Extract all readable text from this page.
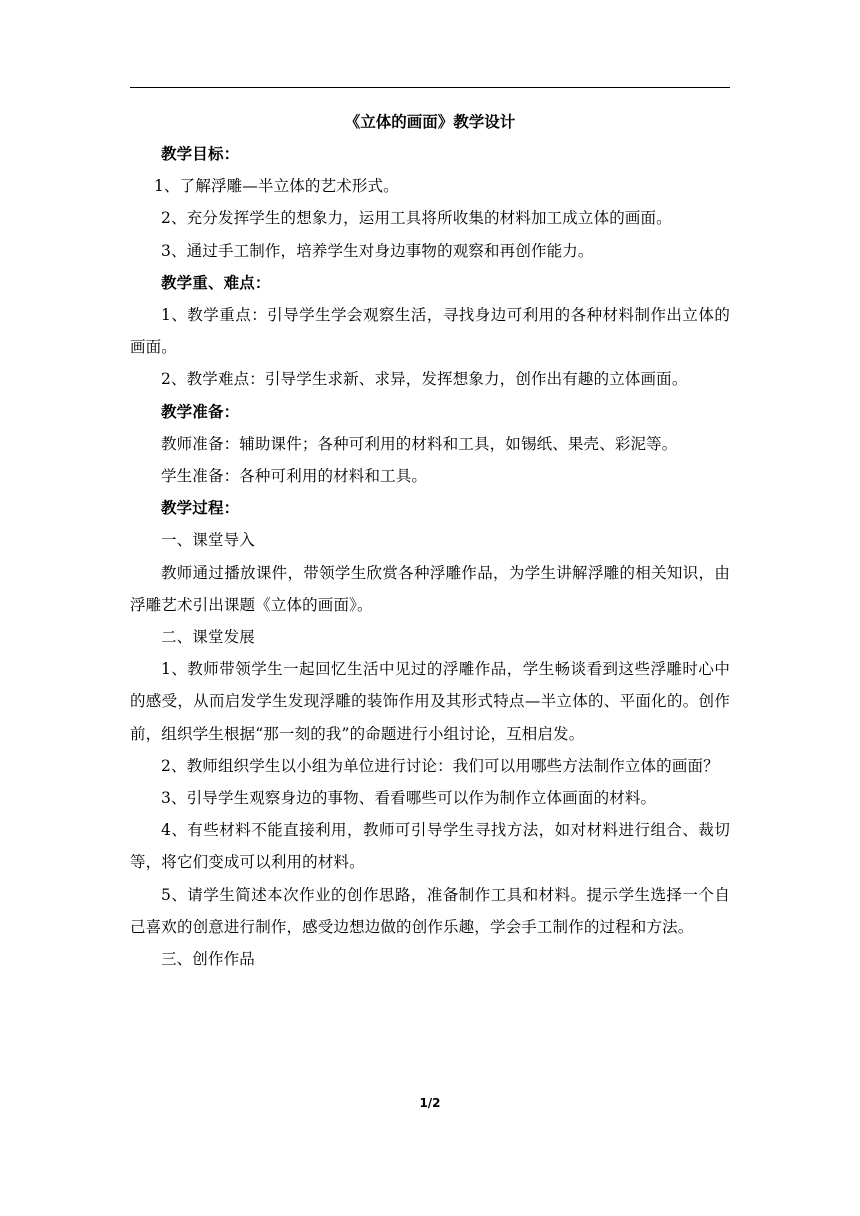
《立体的画面》教学设计

教学目标：

1、了解浮雕—半立体的艺术形式。

2、充分发挥学生的想象力，运用工具将所收集的材料加工成立体的画面。

3、通过手工制作，培养学生对身边事物的观察和再创作能力。

教学重、难点：

1、教学重点：引导学生学会观察生活，寻找身边可利用的各种材料制作出立体的画面。

2、教学难点：引导学生求新、求异，发挥想象力，创作出有趣的立体画面。

教学准备：

教师准备：辅助课件；各种可利用的材料和工具，如锡纸、果壳、彩泥等。

学生准备：各种可利用的材料和工具。

教学过程：

一、课堂导入

教师通过播放课件，带领学生欣赏各种浮雕作品，为学生讲解浮雕的相关知识，由浮雕艺术引出课题《立体的画面》。

二、课堂发展

1、教师带领学生一起回忆生活中见过的浮雕作品，学生畅谈看到这些浮雕时心中的感受，从而启发学生发现浮雕的装饰作用及其形式特点—半立体的、平面化的。创作前，组织学生根据“那一刻的我”的命题进行小组讨论，互相启发。

2、教师组织学生以小组为单位进行讨论：我们可以用哪些方法制作立体的画面？

3、引导学生观察身边的事物、看看哪些可以作为制作立体画面的材料。

4、有些材料不能直接利用，教师可引导学生寻找方法，如对材料进行组合、裁切等，将它们变成可以利用的材料。

5、请学生简述本次作业的创作思路，准备制作工具和材料。提示学生选择一个自己喜欢的创意进行制作，感受边想边做的创作乐趣，学会手工制作的过程和方法。

三、创作作品

1/2
